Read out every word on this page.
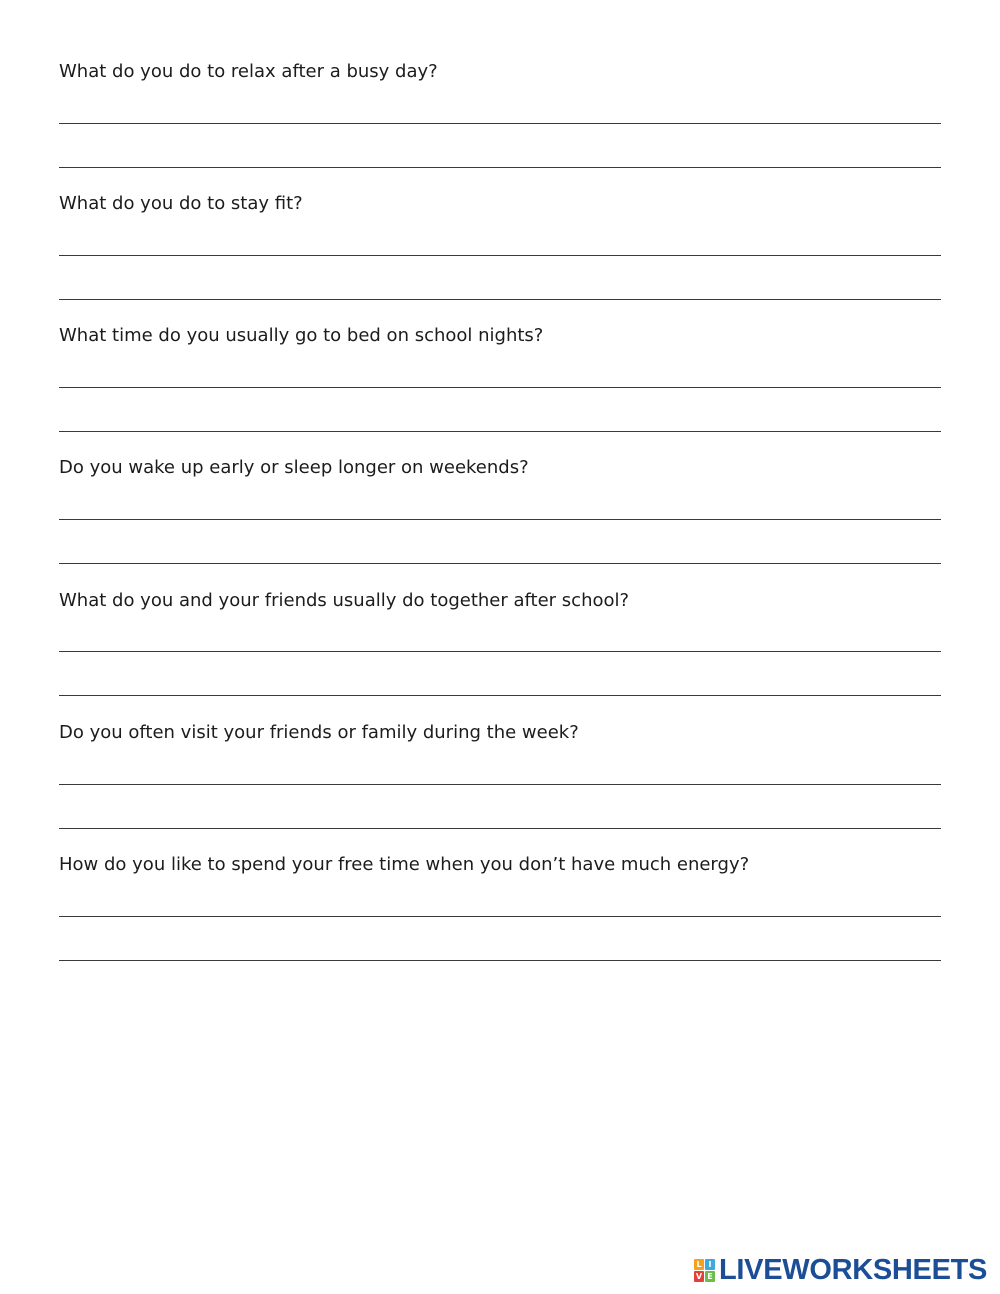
What do you do to relax after a busy day?
What do you do to stay fit?
What time do you usually go to bed on school nights?
Do you wake up early or sleep longer on weekends?
What do you and your friends usually do together after school?
Do you often visit your friends or family during the week?
How do you like to spend your free time when you don’t have much energy?
L I
V E LIVEWORKSHEETS
